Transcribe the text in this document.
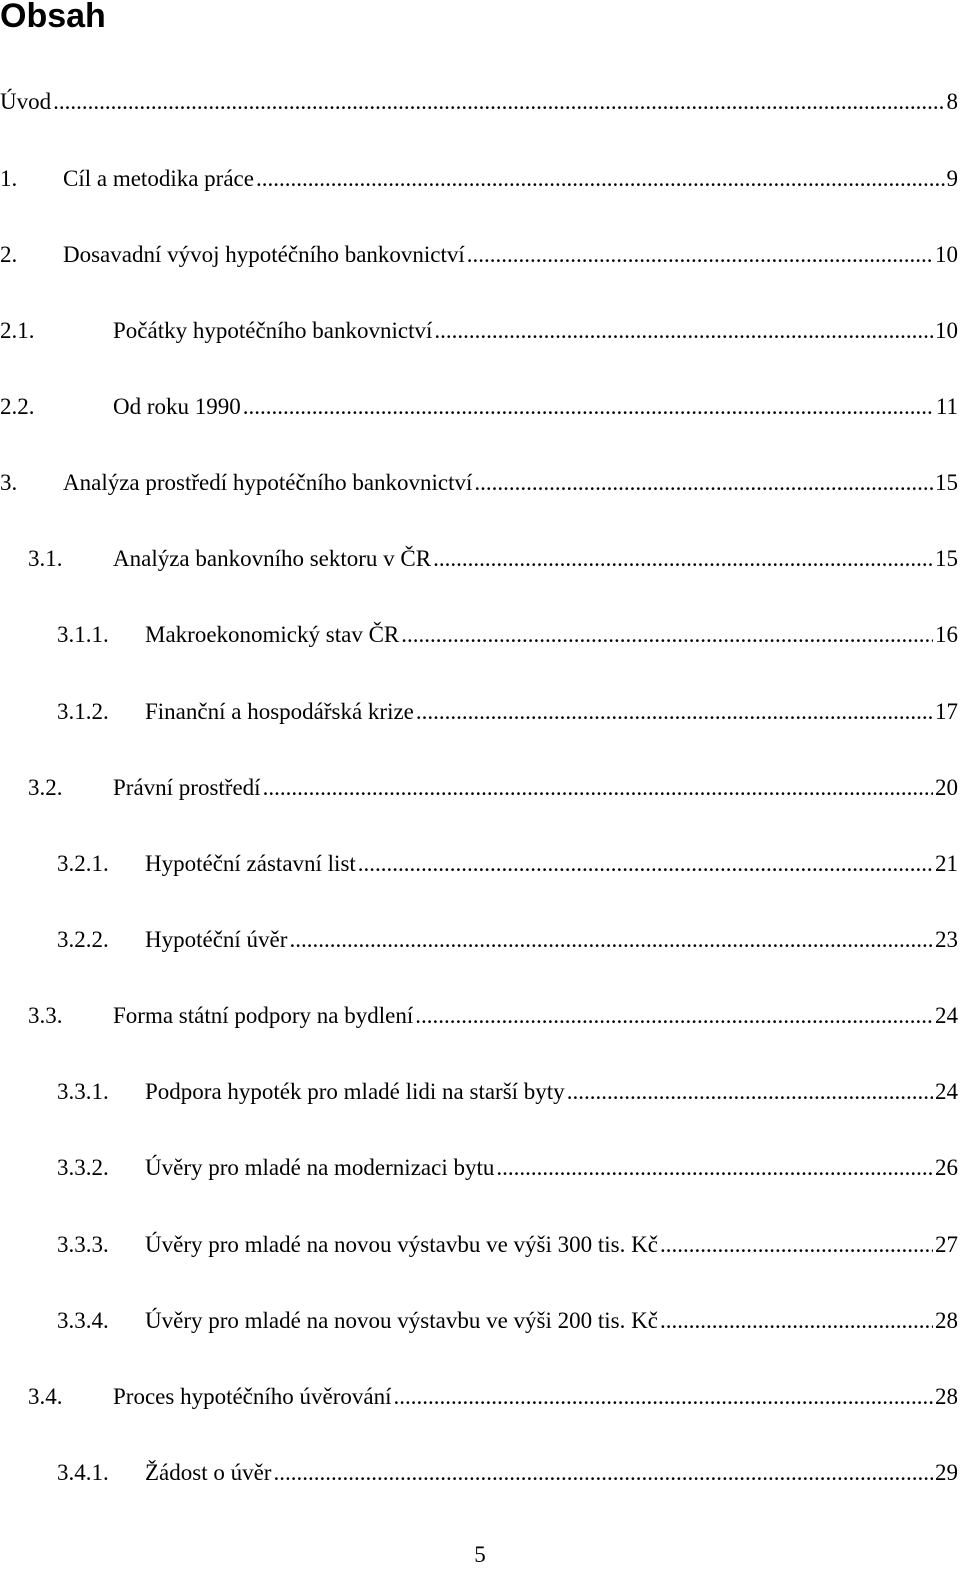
Obsah
Úvod .....	8
1.	Cíl a metodika práce .....	9
2.	Dosavadní vývoj hypotéčního bankovnictví .....	10
2.1.	Počátky hypotéčního bankovnictví .....	10
2.2.	Od roku 1990 .....	11
3.	Analýza prostředí hypotéčního bankovnictví .....	15
3.1.	Analýza bankovního sektoru v ČR .....	15
3.1.1.	Makroekonomický stav ČR .....	16
3.1.2.	Finanční a hospodářská krize .....	17
3.2.	Právní prostředí .....	20
3.2.1.	Hypotéční zástavní list .....	21
3.2.2.	Hypotéční úvěr .....	23
3.3.	Forma státní podpory na bydlení .....	24
3.3.1.	Podpora hypoték pro mladé lidi na starší byty .....	24
3.3.2.	Úvěry pro mladé na modernizaci bytu .....	26
3.3.3.	Úvěry pro mladé na novou výstavbu ve výši 300 tis. Kč .....	27
3.3.4.	Úvěry pro mladé na novou výstavbu ve výši 200 tis. Kč .....	28
3.4.	Proces hypotéčního úvěrování .....	28
3.4.1.	Žádost o úvěr .....	29
5
